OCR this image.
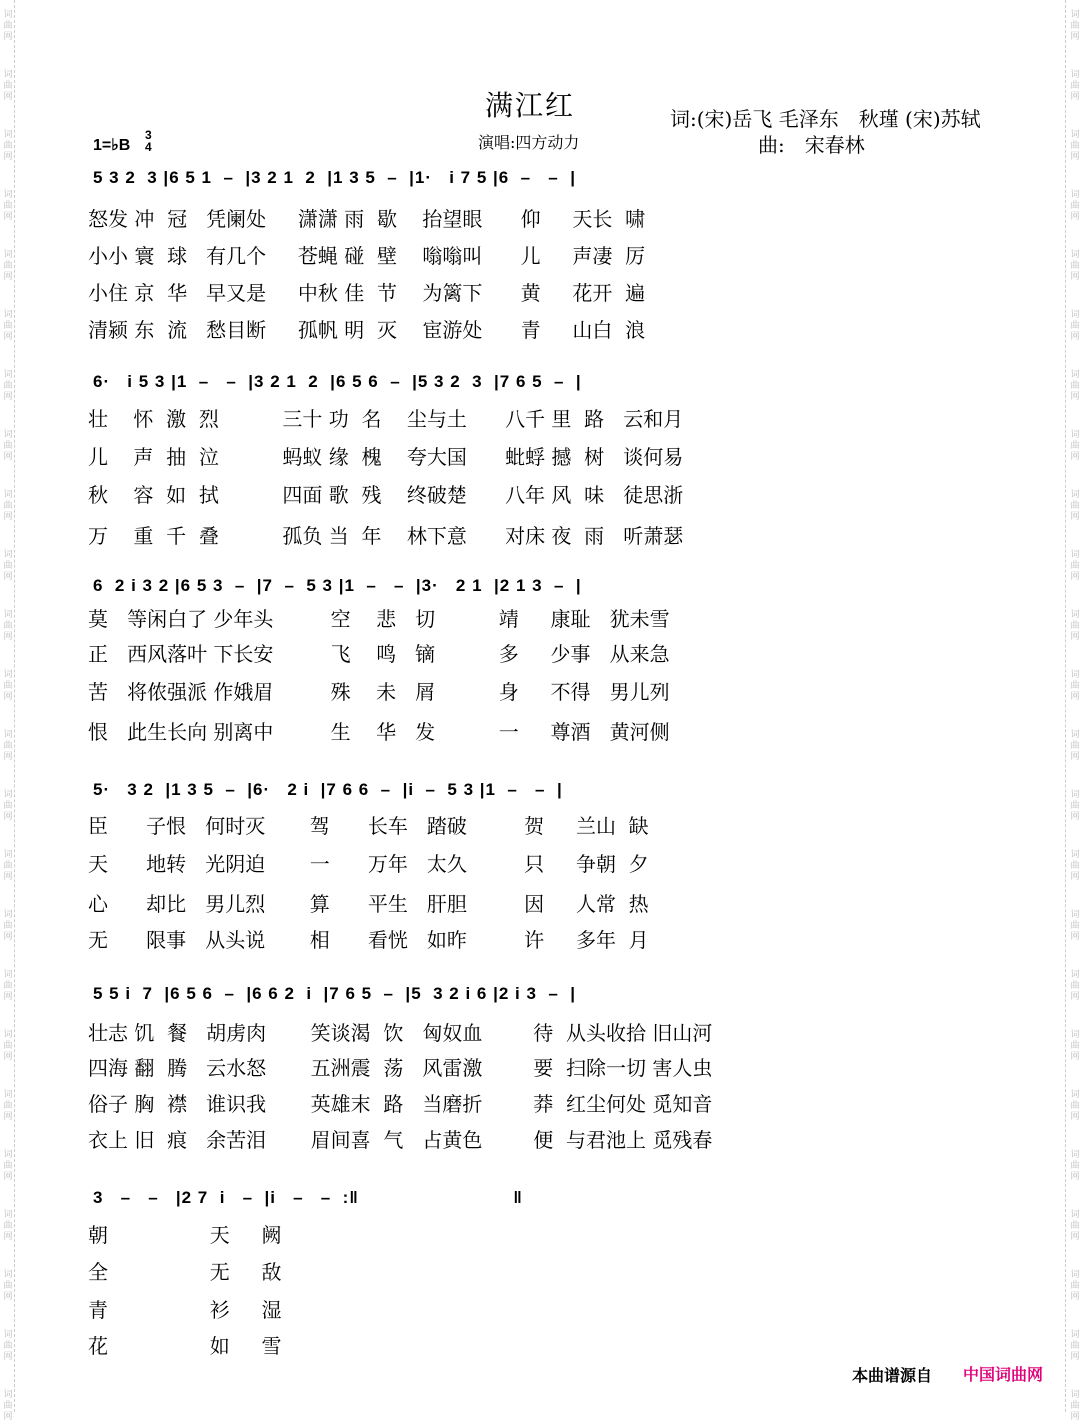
词
曲
网
词
曲
网
词
曲
网
词
曲
网
词
曲
网
词
曲
网
词
曲
网
词
曲
网
词
曲
网
词
曲
网
词
曲
网
词
曲
网
词
曲
网
词
曲
网
词
曲
网
词
曲
网
词
曲
网
词
曲
网
词
曲
网
词
曲
网
词
曲
网
词
曲
网
词
曲
网
词
曲
网
词
曲
网
词
曲
网
词
曲
网
词
曲
网
词
曲
网
词
曲
网
词
曲
网
词
曲
网
词
曲
网
词
曲
网
词
曲
网
词
曲
网
词
曲
网
词
曲
网
词
曲
网
词
曲
网
词
曲
网
词
曲
网
词
曲
网
词
曲
网
词
曲
网
词
曲
网
词
曲
网
词
曲
网
满江红	词:(宋)岳飞 毛泽东　秋瑾 (宋)苏轼
演唱:四方动力	曲:　宋春林
1=♭B
3
4
5 3 2  3 |6 5 1  –  |3 2 1  2  |1 3 5  –  |1·   i 7 5 |6  –   –  |
怒发 冲  冠   凭阑处     潇潇 雨  歇    抬望眼      仰     天长  啸
小小 寰  球   有几个     苍蝇 碰  壁    嗡嗡叫      儿     声凄  厉
小住 京  华   早又是     中秋 佳  节    为篱下      黄     花开  遍
清颍 东  流   愁目断     孤帆 明  灭    宦游处      青     山白  浪
6·   i 5 3 |1  –   –  |3 2 1  2  |6 5 6  –  |5 3 2  3  |7 6 5  –  |
壮    怀  激  烈          三十 功  名    尘与土      八千 里  路   云和月
儿    声  抽  泣          蚂蚁 缘  槐    夸大国      蚍蜉 撼  树   谈何易
秋    容  如  拭          四面 歌  残    终破楚      八年 风  味   徒思浙
万    重  千  叠          孤负 当  年    林下意      对床 夜  雨   听萧瑟
6  2 i 3 2 |6 5 3  –  |7  –  5 3 |1  –   –  |3·   2 1  |2 1 3  –  |
莫   等闲白了 少年头         空    悲   切          靖     康耻   犹未雪
正   西风落叶 下长安         飞    鸣   镝          多     少事   从来急
苦   将侬强派 作娥眉         殊    未   屑          身     不得   男儿列
恨   此生长向 别离中         生    华   发          一     尊酒   黄河侧
5·   3 2  |1 3 5  –  |6·   2 i  |7 6 6  –  |i  –  5 3 |1  –   –  |
臣      子恨   何时灭       驾      长车   踏破         贺     兰山  缺
天      地转   光阴迫       一      万年   太久         只     争朝  夕
心      却比   男儿烈       算      平生   肝胆         因     人常  热
无      限事   从头说       相      看恍   如昨         许     多年  月
5 5 i  7  |6 5 6  –  |6 6 2  i  |7 6 5  –  |5  3 2 i 6 |2 i 3  –  |
壮志 饥  餐   胡虏肉       笑谈渴  饮   匈奴血        待  从头收拾 旧山河
四海 翻  腾   云水怒       五洲震  荡   风雷激        要  扫除一切 害人虫
俗子 胸  襟   谁识我       英雄末  路   当磨折        莽  红尘何处 觅知音
衣上 旧  痕   余苦泪       眉间喜  气   占黄色        便  与君池上 觅残春
3   –   –   |2 7  i   –  |i   –   –  :‖                           ‖
朝                天     阙
全                无     敌
青                衫     湿
花                如     雪
本曲谱源自 中国词曲网
